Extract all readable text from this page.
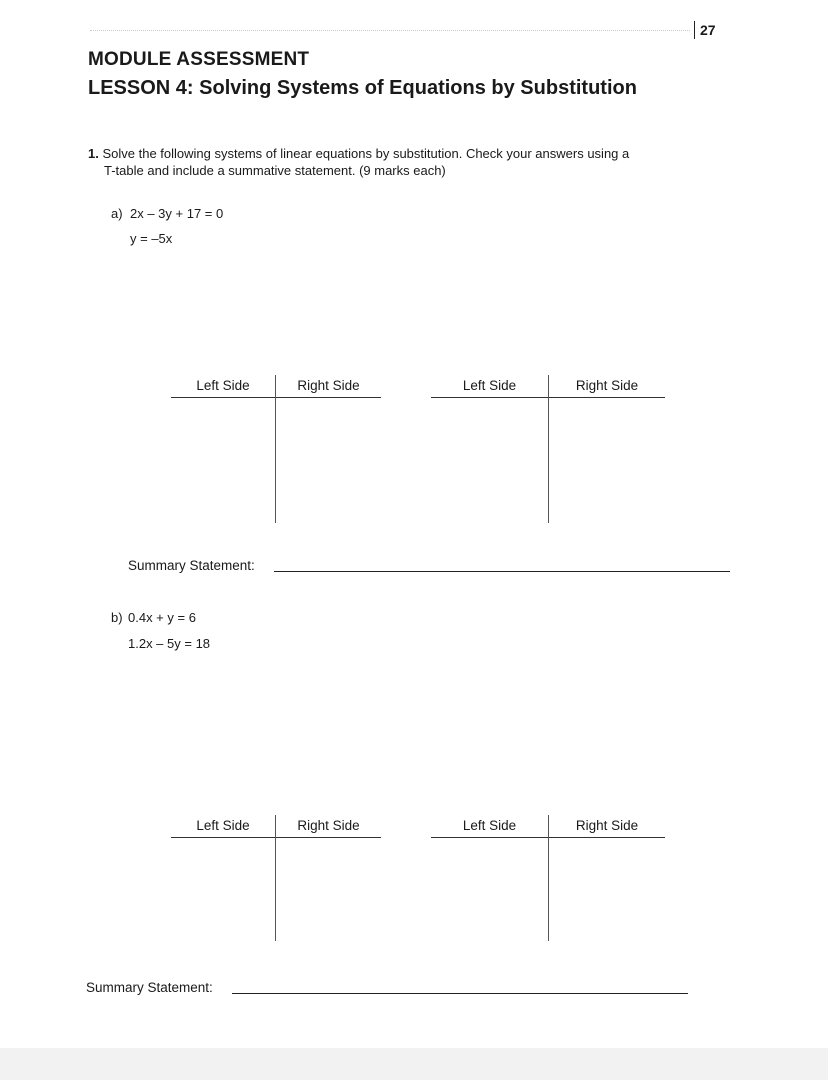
27
MODULE ASSESSMENT
LESSON 4: Solving Systems of Equations by Substitution
1. Solve the following systems of linear equations by substitution. Check your answers using a
T-table and include a summative statement. (9 marks each)
a) 2x – 3y + 17 = 0
y = –5x
Left Side	Right Side	Left Side	Right Side
Summary Statement:
b) 0.4x + y = 6
1.2x – 5y = 18
Left Side	Right Side	Left Side	Right Side
Summary Statement:
